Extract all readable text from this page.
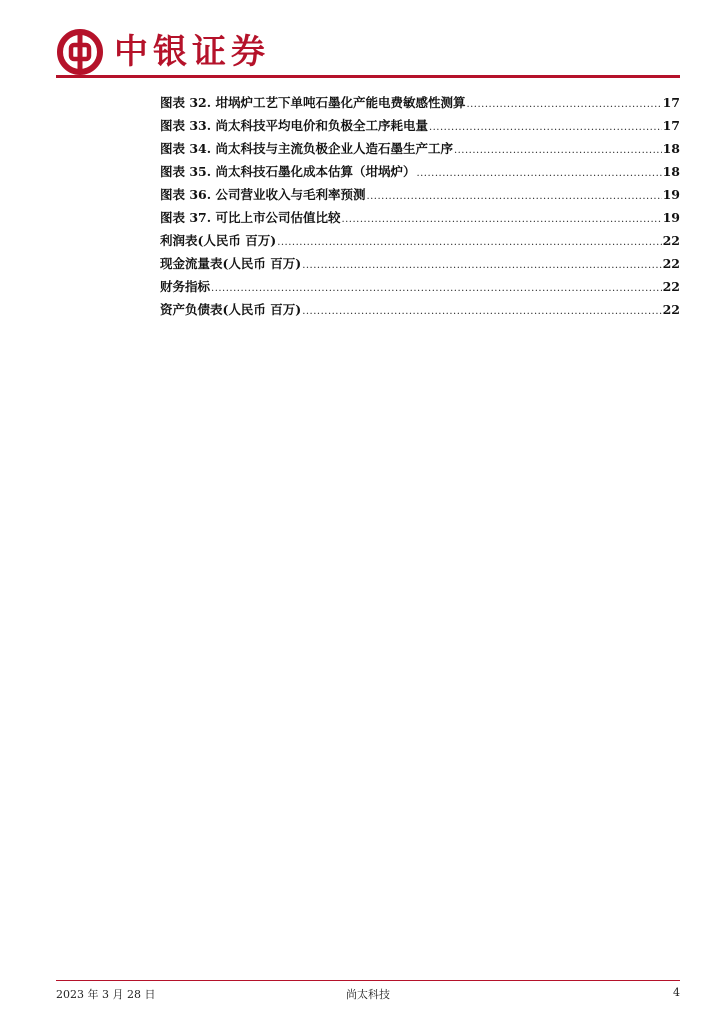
中银证券
图表 32. 坩埚炉工艺下单吨石墨化产能电费敏感性测算 .....	17
图表 33. 尚太科技平均电价和负极全工序耗电量 .....	17
图表 34. 尚太科技与主流负极企业人造石墨生产工序 .....	18
图表 35. 尚太科技石墨化成本估算（坩埚炉） .....	18
图表 36. 公司营业收入与毛利率预测 .....	19
图表 37. 可比上市公司估值比较 .....	19
利润表(人民币 百万) .....	22
现金流量表(人民币 百万) .....	22
财务指标 .....	22
资产负债表(人民币 百万) .....	22
2023 年 3 月 28 日	尚太科技	4
